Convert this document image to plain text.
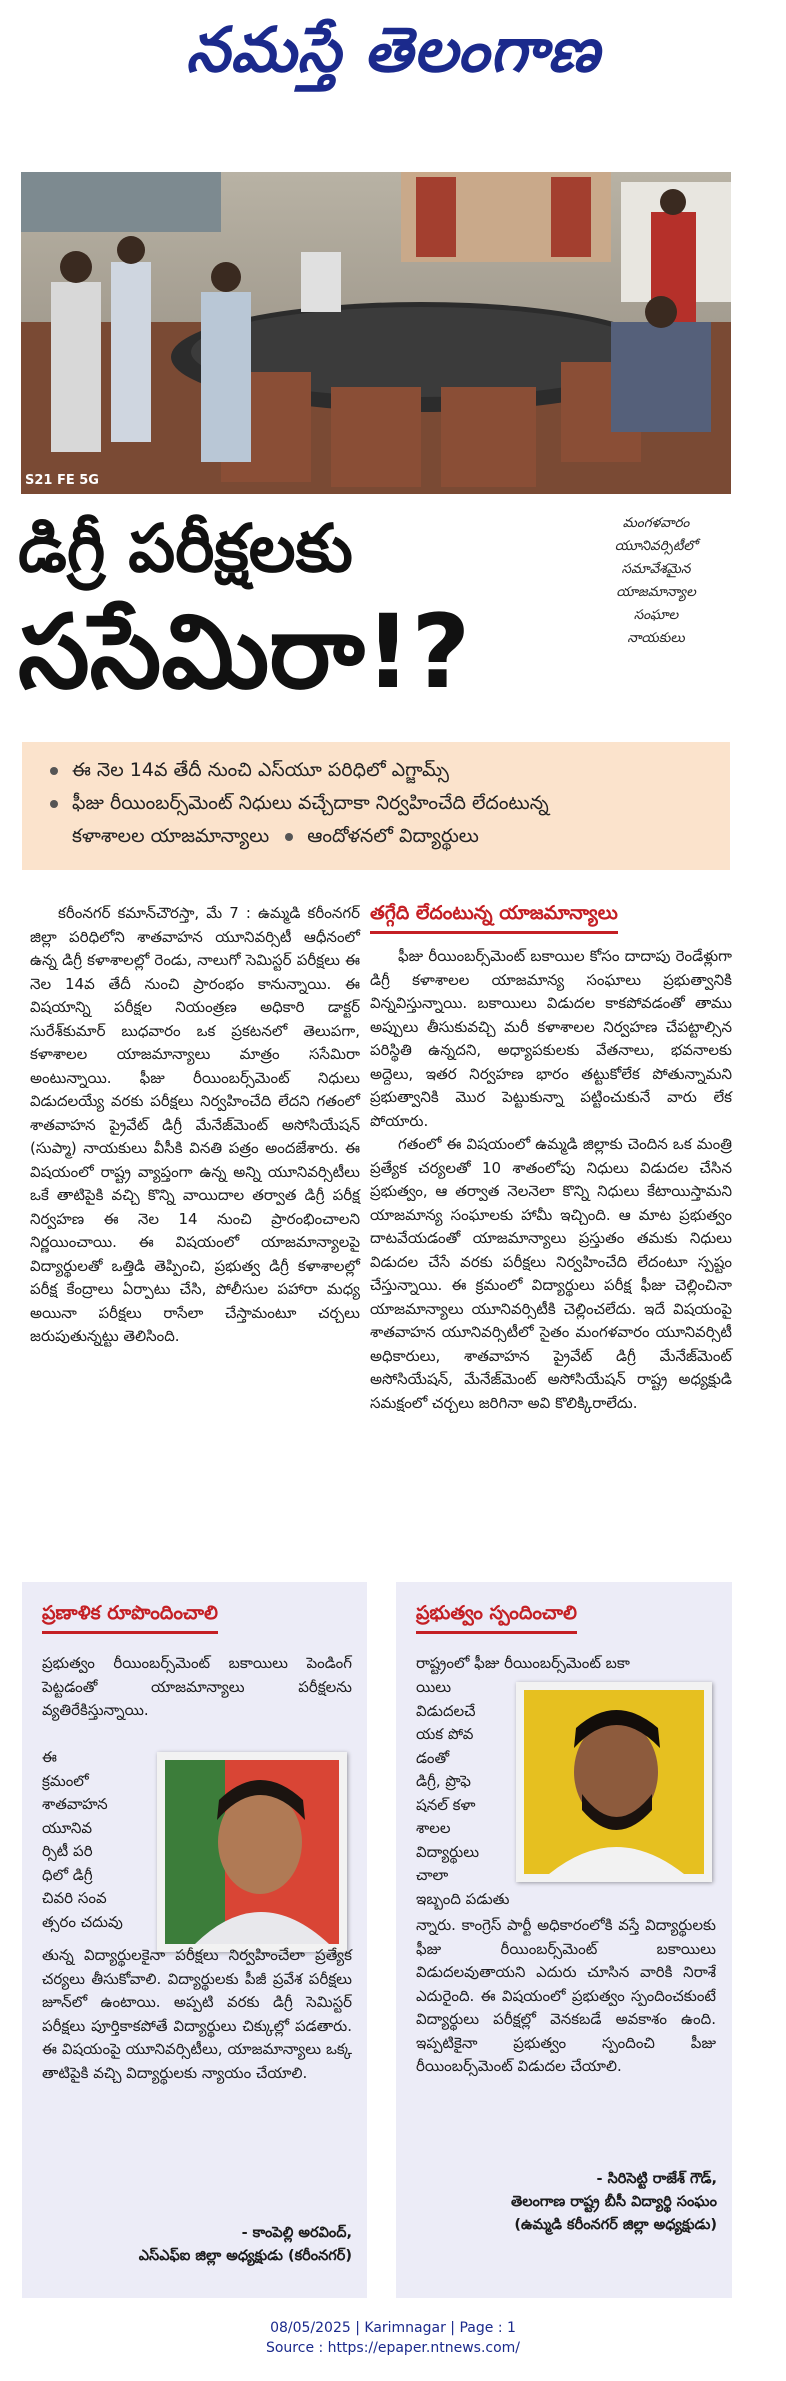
నమస్తే తెలంగాణ
S21 FE 5G
డిగ్రీ పరీక్షలకు
ససేమిరా!?
మంగళవారం
యూనివర్సిటీలో
సమావేశమైన
యాజమాన్యాల
సంఘాల
నాయకులు
ఈ నెల 14వ తేదీ నుంచి ఎస్‌యూ పరిధిలో ఎగ్జామ్స్
ఫీజు రీయింబర్స్‌మెంట్ నిధులు వచ్చేదాకా నిర్వహించేది లేదంటున్న
కళాశాలల యాజమాన్యాలు ఆందోళనలో విద్యార్థులు

కరీంనగర్ కమాన్‌చౌరస్తా, మే 7 : ఉమ్మడి కరీంనగర్ జిల్లా పరిధిలోని శాతవాహన యూనివర్సిటీ ఆధీనంలో ఉన్న డిగ్రీ కళాశాలల్లో రెండు, నాలుగో సెమిస్టర్ పరీక్షలు ఈ నెల 14వ తేదీ నుంచి ప్రారంభం కానున్నాయి. ఈ విషయాన్ని పరీక్షల నియంత్రణ అధికారి డాక్టర్ సురేశ్‌కుమార్ బుధవారం ఒక ప్రకటనలో తెలుపగా, కళాశాలల యాజమాన్యాలు మాత్రం ససేమిరా అంటున్నాయి. ఫీజు రీయింబర్స్‌మెంట్ నిధులు విడుదలయ్యే వరకు పరీక్షలు నిర్వహించేది లేదని గతంలో శాతవాహన ప్రైవేట్ డిగ్రీ మేనేజ్‌మెంట్ అసోసియేషన్ (సుప్మా) నాయకులు వీసీకి వినతి పత్రం అందజేశారు. ఈ విషయంలో రాష్ట్ర వ్యాప్తంగా ఉన్న అన్ని యూనివర్సిటీలు ఒకే తాటిపైకి వచ్చి కొన్ని వాయిదాల తర్వాత డిగ్రీ పరీక్ష నిర్వహణ ఈ నెల 14 నుంచి ప్రారంభించాలని నిర్ణయించాయి. ఈ విషయంలో యాజమాన్యాలపై విద్యార్థులతో ఒత్తిడి తెప్పించి, ప్రభుత్వ డిగ్రీ కళాశాలల్లో పరీక్ష కేంద్రాలు ఏర్పాటు చేసి, పోలీసుల పహారా మధ్య అయినా పరీక్షలు రాసేలా చేస్తామంటూ చర్చలు జరుపుతున్నట్టు తెలిసింది.

తగ్గేది లేదంటున్న యాజమాన్యాలు

ఫీజు రీయింబర్స్‌మెంట్ బకాయిల కోసం దాదాపు రెండేళ్లుగా డిగ్రీ కళాశాలల యాజమాన్య సంఘాలు ప్రభుత్వానికి విన్నవిస్తున్నాయి. బకాయిలు విడుదల కాకపోవడంతో తాము అప్పులు తీసుకువచ్చి మరీ కళాశాలల నిర్వహణ చేపట్టాల్సిన పరిస్థితి ఉన్నదని, అధ్యాపకులకు వేతనాలు, భవనాలకు అద్దెలు, ఇతర నిర్వహణ భారం తట్టుకోలేక పోతున్నామని ప్రభుత్వానికి మొర పెట్టుకున్నా పట్టించుకునే వారు లేక పోయారు.

గతంలో ఈ విషయంలో ఉమ్మడి జిల్లాకు చెందిన ఒక మంత్రి ప్రత్యేక చర్యలతో 10 శాతంలోపు నిధులు విడుదల చేసిన ప్రభుత్వం, ఆ తర్వాత నెలనెలా కొన్ని నిధులు కేటాయిస్తామని యాజమాన్య సంఘాలకు హామీ ఇచ్చింది. ఆ మాట ప్రభుత్వం దాటవేయడంతో యాజమాన్యాలు ప్రస్తుతం తమకు నిధులు విడుదల చేసే వరకు పరీక్షలు నిర్వహించేది లేదంటూ స్పష్టం చేస్తున్నాయి. ఈ క్రమంలో విద్యార్థులు పరీక్ష ఫీజు చెల్లించినా యాజమాన్యాలు యూనివర్సిటీకి చెల్లించలేదు. ఇదే విషయంపై శాతవాహన యూనివర్సిటీలో సైతం మంగళవారం యూనివర్సిటీ అధికారులు, శాతవాహన ప్రైవేట్ డిగ్రీ మేనేజ్‌మెంట్ అసోసియేషన్, మేనేజ్‌మెంట్ అసోసియేషన్ రాష్ట్ర అధ్యక్షుడి సమక్షంలో చర్చలు జరిగినా అవి కొలిక్కిరాలేదు.

ప్రణాళిక రూపొందించాలి
ప్రభుత్వం రీయింబర్స్‌మెంట్ బకాయిలు పెండింగ్ పెట్టడంతో యాజమాన్యాలు పరీక్షలను వ్యతిరేకిస్తున్నాయి.
ఈ
క్రమంలో
శాతవాహన
యూనివ
ర్సిటీ పరి
ధిలో డిగ్రీ
చివరి సంవ
త్సరం చదువు
తున్న విద్యార్థులకైనా పరీక్షలు నిర్వహించేలా ప్రత్యేక చర్యలు తీసుకోవాలి. విద్యార్థులకు పీజీ ప్రవేశ పరీక్షలు జూన్‌లో ఉంటాయి. అప్పటి వరకు డిగ్రీ సెమిస్టర్ పరీక్షలు పూర్తికాకపోతే విద్యార్థులు చిక్కుల్లో పడతారు. ఈ విషయంపై యూనివర్సిటీలు, యాజమాన్యాలు ఒక్క తాటిపైకి వచ్చి విద్యార్థులకు న్యాయం చేయాలి.
- కాంపెల్లి అరవింద్,
ఎస్‌ఎఫ్‌ఐ జిల్లా అధ్యక్షుడు (కరీంనగర్)
ప్రభుత్వం స్పందించాలి
రాష్ట్రంలో ఫీజు రీయింబర్స్‌మెంట్ బకా
యిలు
విడుదలచే
యక పోవ
డంతో
డిగ్రీ, ప్రొఫె
షనల్ కళా
శాలల
విద్యార్థులు
చాలా
ఇబ్బంది పడుతు
న్నారు. కాంగ్రెస్ పార్టీ అధికారంలోకి వస్తే విద్యార్థులకు ఫీజు రీయింబర్స్‌మెంట్ బకాయిలు విడుదలవుతాయని ఎదురు చూసిన వారికి నిరాశే ఎదురైంది. ఈ విషయంలో ప్రభుత్వం స్పందించకుంటే విద్యార్థులు పరీక్షల్లో వెనకబడే అవకాశం ఉంది. ఇప్పటికైనా ప్రభుత్వం స్పందించి పీజు రీయింబర్స్‌మెంట్ విడుదల చేయాలి.
- సిరిసెట్టి రాజేశ్ గౌడ్,
తెలంగాణ రాష్ట్ర బీసీ విద్యార్థి సంఘం
(ఉమ్మడి కరీంనగర్ జిల్లా అధ్యక్షుడు)
08/05/2025 | Karimnagar | Page : 1
Source : https://epaper.ntnews.com/
